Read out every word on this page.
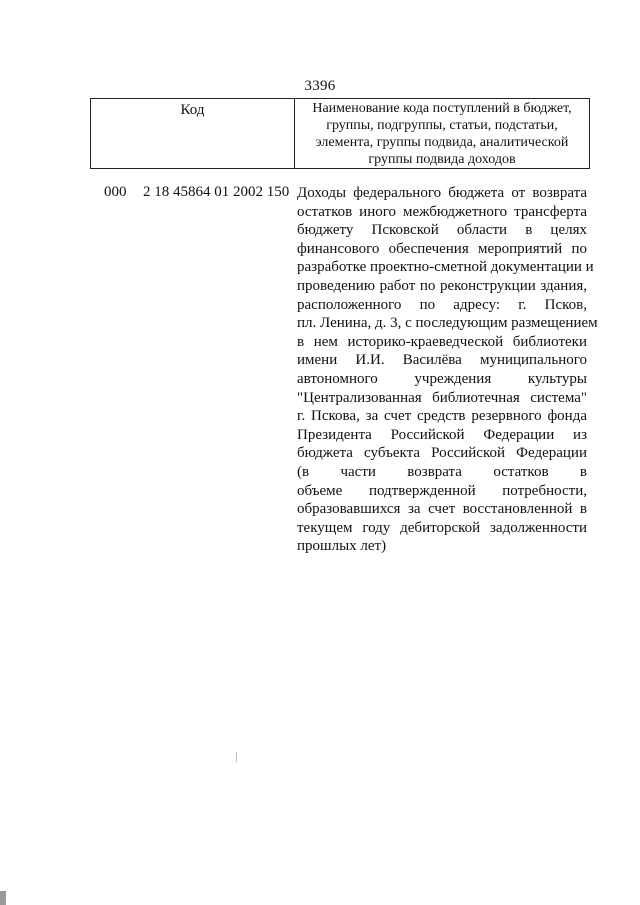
3396
Код	Наименование кода поступлений в бюджет,
группы, подгруппы, статьи, подстатьи,
элемента, группы подвида, аналитической
группы подвида доходов
000 2 18 45864 01 2002 150 Доходы федерального бюджета от возврата
остатков иного межбюджетного трансферта
бюджету Псковской области в целях
финансового обеспечения мероприятий по
разработке проектно-сметной документации и
проведению работ по реконструкции здания,
расположенного по адресу: г. Псков,
пл. Ленина, д. 3, с последующим размещением
в нем историко-краеведческой библиотеки
имени И.И. Василёва муниципального
автономного учреждения культуры
"Централизованная библиотечная система"
г. Пскова, за счет средств резервного фонда
Президента Российской Федерации из
бюджета субъекта Российской Федерации
(в части возврата остатков в
объеме подтвержденной потребности,
образовавшихся за счет восстановленной в
текущем году дебиторской задолженности
прошлых лет)
